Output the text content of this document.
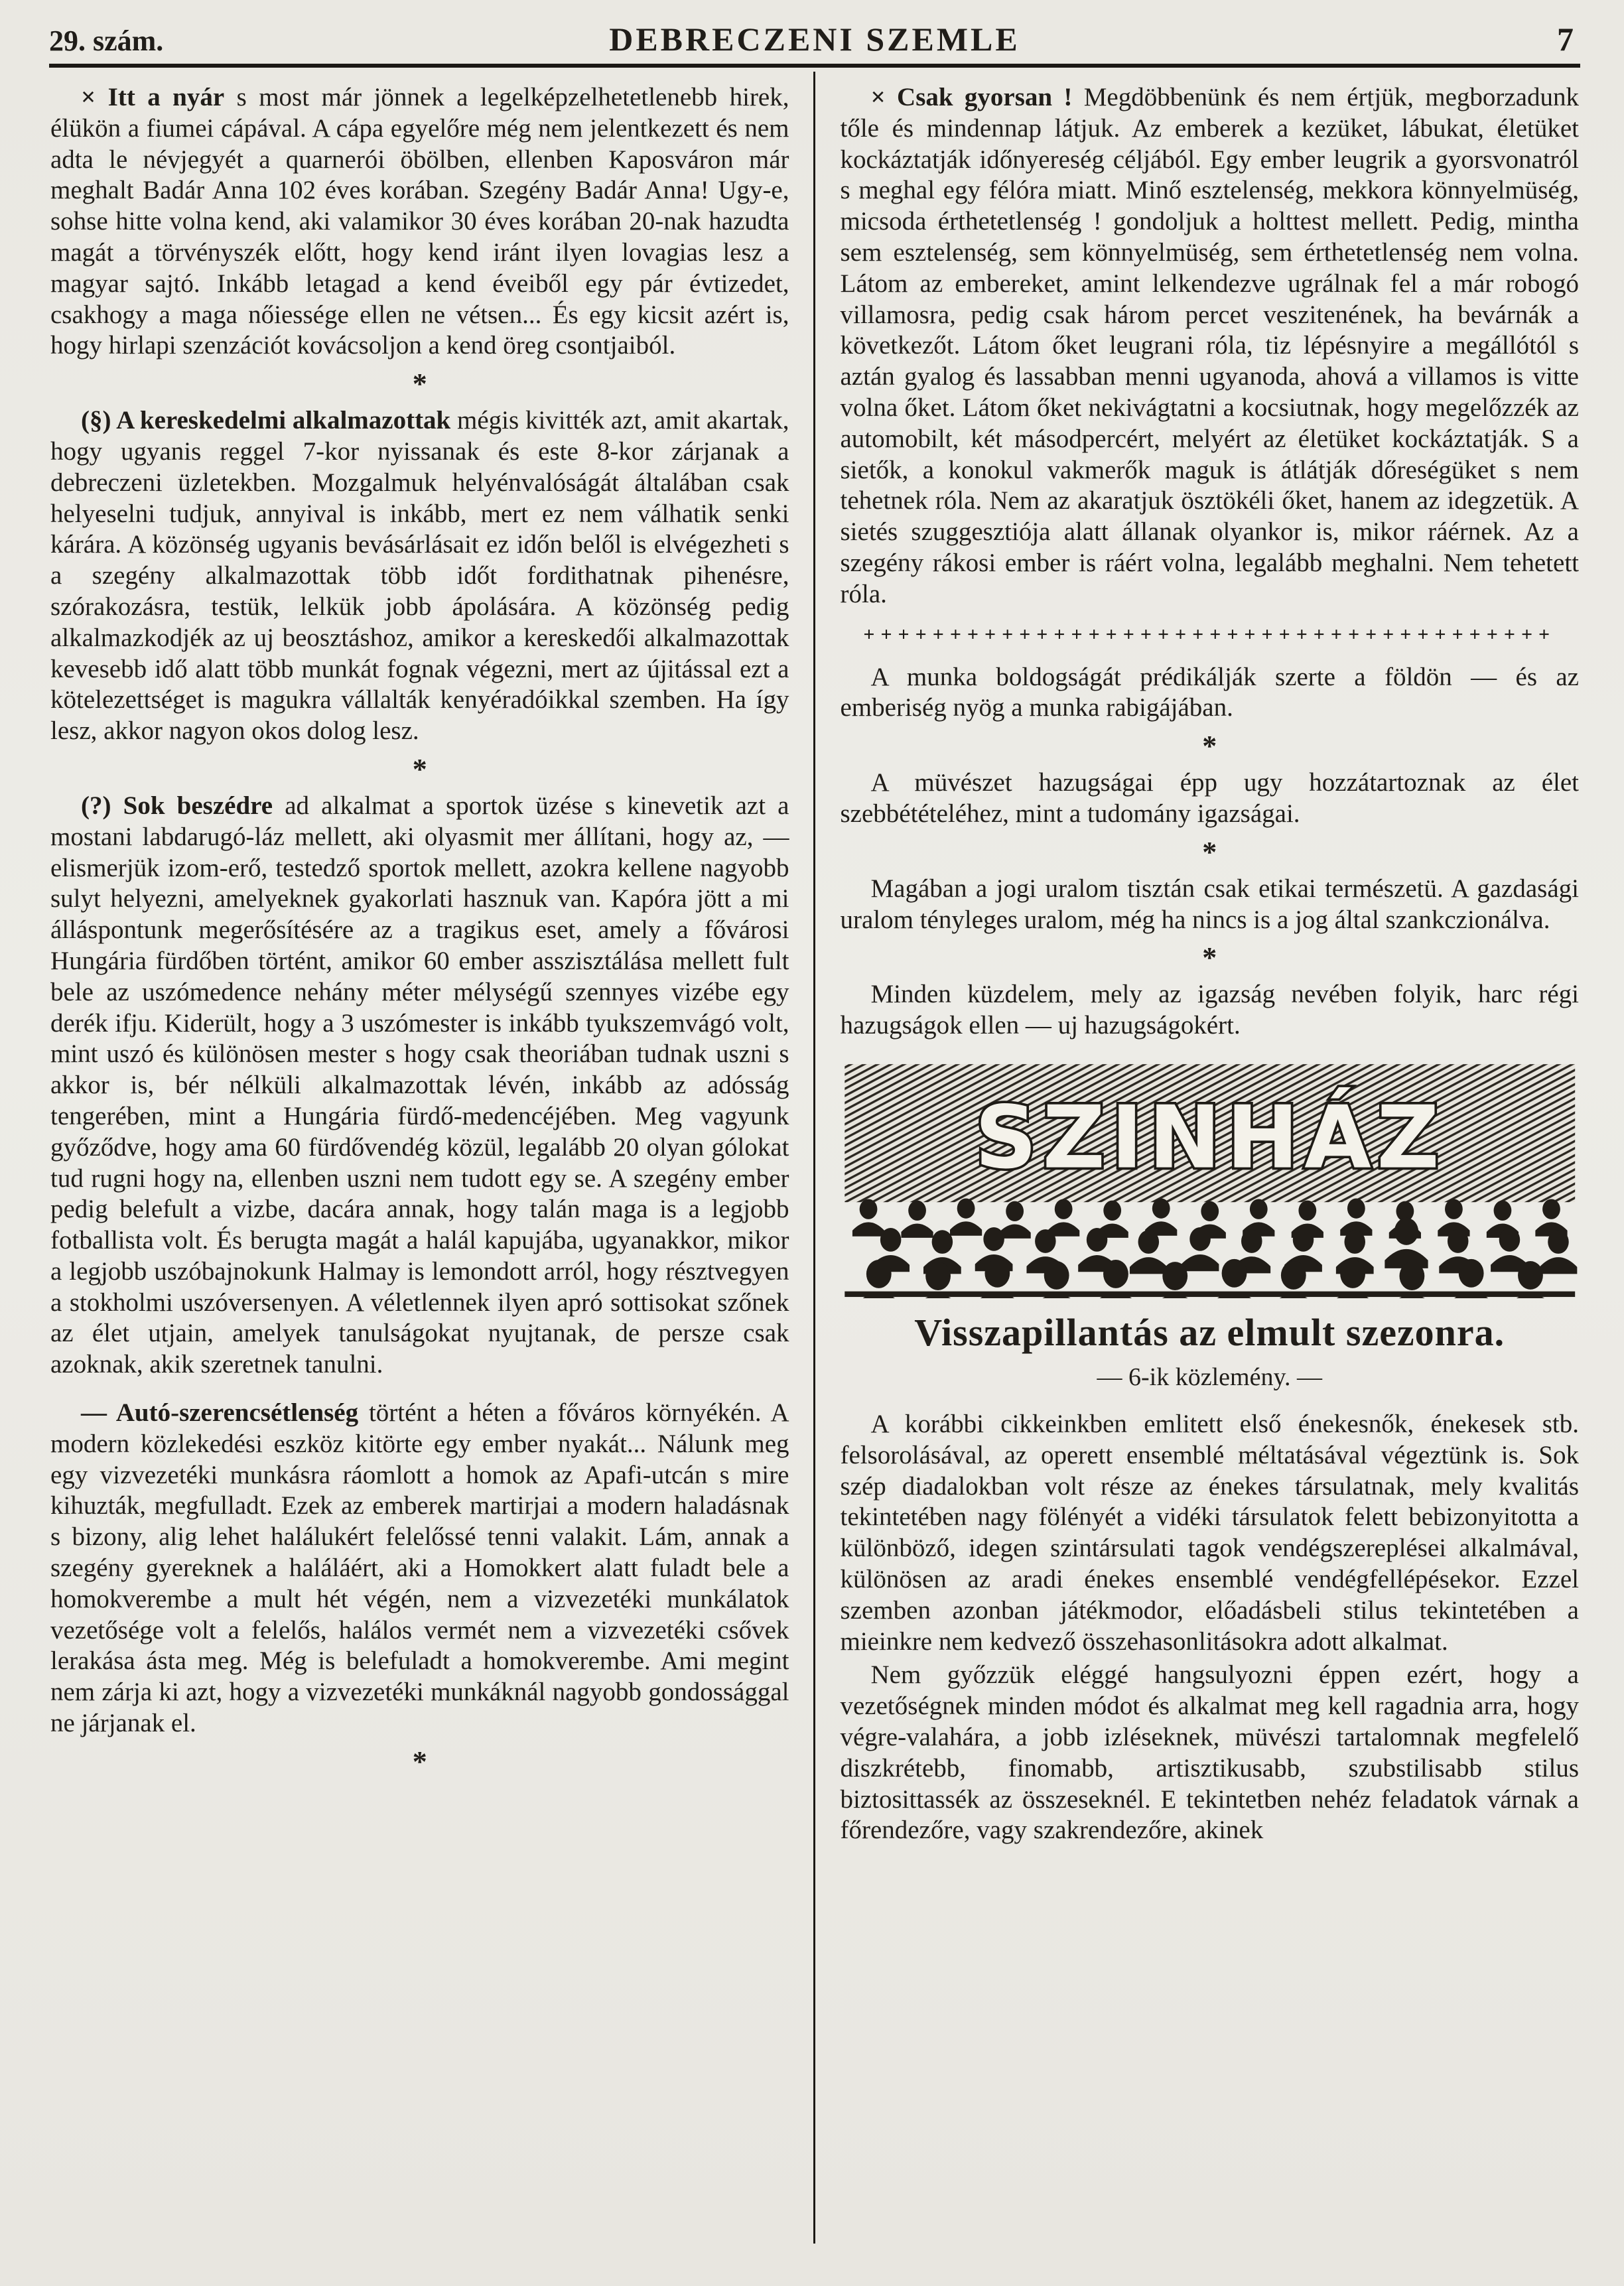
29. szám.	DEBRECZENI SZEMLE	7

× Itt a nyár s most már jönnek a legelképzelhetetlenebb hirek, élükön a fiumei cápával. A cápa egyelőre még nem jelentkezett és nem adta le névjegyét a quarnerói öbölben, ellenben Kaposváron már meghalt Badár Anna 102 éves korában. Szegény Badár Anna! Ugy-e, sohse hitte volna kend, aki valamikor 30 éves korában 20-nak hazudta magát a törvényszék előtt, hogy kend iránt ilyen lovagias lesz a magyar sajtó. Inkább letagad a kend éveiből egy pár évtizedet, csakhogy a maga nőiessége ellen ne vétsen... És egy kicsit azért is, hogy hirlapi szenzációt kovácsoljon a kend öreg csontjaiból.

*

(§) A kereskedelmi alkalmazottak mégis kivitték azt, amit akartak, hogy ugyanis reggel 7-kor nyissanak és este 8-kor zárjanak a debreczeni üzletekben. Mozgalmuk helyénvalóságát általában csak helyeselni tudjuk, annyival is inkább, mert ez nem válhatik senki kárára. A közönség ugyanis bevásárlásait ez időn belől is elvégezheti s a szegény alkalmazottak több időt fordithatnak pihenésre, szórakozásra, testük, lelkük jobb ápolására. A közönség pedig alkalmazkodjék az uj beosztáshoz, amikor a kereskedői alkalmazottak kevesebb idő alatt több munkát fognak végezni, mert az újitással ezt a kötelezettséget is magukra vállalták kenyéradóikkal szemben. Ha így lesz, akkor nagyon okos dolog lesz.

*

(?) Sok beszédre ad alkalmat a sportok üzése s kinevetik azt a mostani labdarugó-láz mellett, aki olyasmit mer állítani, hogy az, — elismerjük izom-erő, testedző sportok mellett, azokra kellene nagyobb sulyt helyezni, amelyeknek gyakorlati hasznuk van. Kapóra jött a mi álláspontunk megerősítésére az a tragikus eset, amely a fővárosi Hungária fürdőben történt, amikor 60 ember asszisztálása mellett fult bele az uszómedence nehány méter mélységű szennyes vizébe egy derék ifju. Kiderült, hogy a 3 uszómester is inkább tyukszemvágó volt, mint uszó és különösen mester s hogy csak theoriában tudnak uszni s akkor is, bér nélküli alkalmazottak lévén, inkább az adósság tengerében, mint a Hungária fürdő-medencéjében. Meg vagyunk győződve, hogy ama 60 fürdővendég közül, legalább 20 olyan gólokat tud rugni hogy na, ellenben uszni nem tudott egy se. A szegény ember pedig belefult a vizbe, dacára annak, hogy talán maga is a legjobb fotballista volt. És berugta magát a halál kapujába, ugyanakkor, mikor a legjobb uszóbajnokunk Halmay is lemondott arról, hogy résztvegyen a stokholmi uszóversenyen. A véletlennek ilyen apró sottisokat szőnek az élet utjain, amelyek tanulságokat nyujtanak, de persze csak azoknak, akik szeretnek tanulni.

— Autó-szerencsétlenség történt a héten a főváros környékén. A modern közlekedési eszköz kitörte egy ember nyakát... Nálunk meg egy vizvezetéki munkásra ráomlott a homok az Apafi-utcán s mire kihuzták, megfulladt. Ezek az emberek martirjai a modern haladásnak s bizony, alig lehet halálukért felelőssé tenni valakit. Lám, annak a szegény gyereknek a haláláért, aki a Homokkert alatt fuladt bele a homokverembe a mult hét végén, nem a vizvezetéki munkálatok vezetősége volt a felelős, halálos vermét nem a vizvezetéki csővek lerakása ásta meg. Még is belefuladt a homokverembe. Ami megint nem zárja ki azt, hogy a vizvezetéki munkáknál nagyobb gondossággal ne járjanak el.

*

× Csak gyorsan ! Megdöbbenünk és nem értjük, megborzadunk tőle és mindennap látjuk. Az emberek a kezüket, lábukat, életüket kockáztatják időnyereség céljából. Egy ember leugrik a gyorsvonatról s meghal egy félóra miatt. Minő esztelenség, mekkora könnyelmüség, micsoda érthetetlenség ! gondoljuk a holttest mellett. Pedig, mintha sem esztelenség, sem könnyelmüség, sem érthetetlenség nem volna. Látom az embereket, amint lelkendezve ugrálnak fel a már robogó villamosra, pedig csak három percet veszitenének, ha bevárnák a következőt. Látom őket leugrani róla, tiz lépésnyire a megállótól s aztán gyalog és lassabban menni ugyanoda, ahová a villamos is vitte volna őket. Látom őket nekivágtatni a kocsiutnak, hogy megelőzzék az automobilt, két másodpercért, melyért az életüket kockáztatják. S a sietők, a konokul vakmerők maguk is átlátják dőreségüket s nem tehetnek róla. Nem az akaratjuk ösztökéli őket, hanem az idegzetük. A sietés szuggesztiója alatt állanak olyankor is, mikor ráérnek. Az a szegény rákosi ember is ráért volna, legalább meghalni. Nem tehetett róla.

++++++++++++++++++++++++++++++++++++++++

A munka boldogságát prédikálják szerte a földön — és az emberiség nyög a munka rabigájában.

*

A müvészet hazugságai épp ugy hozzátartoznak az élet szebbétételéhez, mint a tudomány igazságai.

*

Magában a jogi uralom tisztán csak etikai természetü. A gazdasági uralom tényleges uralom, még ha nincs is a jog által szankczionálva.

*

Minden küzdelem, mely az igazság nevében folyik, harc régi hazugságok ellen — uj hazugságokért.

SZINHÁZ
Visszapillantás az elmult szezonra.
— 6-ik közlemény. —

A korábbi cikkeinkben emlitett első énekesnők, énekesek stb. felsorolásával, az operett ensemblé méltatásával végeztünk is. Sok szép diadalokban volt része az énekes társulatnak, mely kvalitás tekintetében nagy fölényét a vidéki társulatok felett bebizonyitotta a különböző, idegen szintársulati tagok vendégszereplései alkalmával, különösen az aradi énekes ensemblé vendégfellépésekor. Ezzel szemben azonban játékmodor, előadásbeli stilus tekintetében a mieinkre nem kedvező összehasonlitásokra adott alkalmat.

Nem győzzük eléggé hangsulyozni éppen ezért, hogy a vezetőségnek minden módot és alkalmat meg kell ragadnia arra, hogy végre-valahára, a jobb izléseknek, müvészi tartalomnak megfelelő diszkrétebb, finomabb, artisztikusabb, szubstilisabb stilus biztosittassék az összeseknél. E tekintetben nehéz feladatok várnak a főrendezőre, vagy szakrendezőre, akinek
